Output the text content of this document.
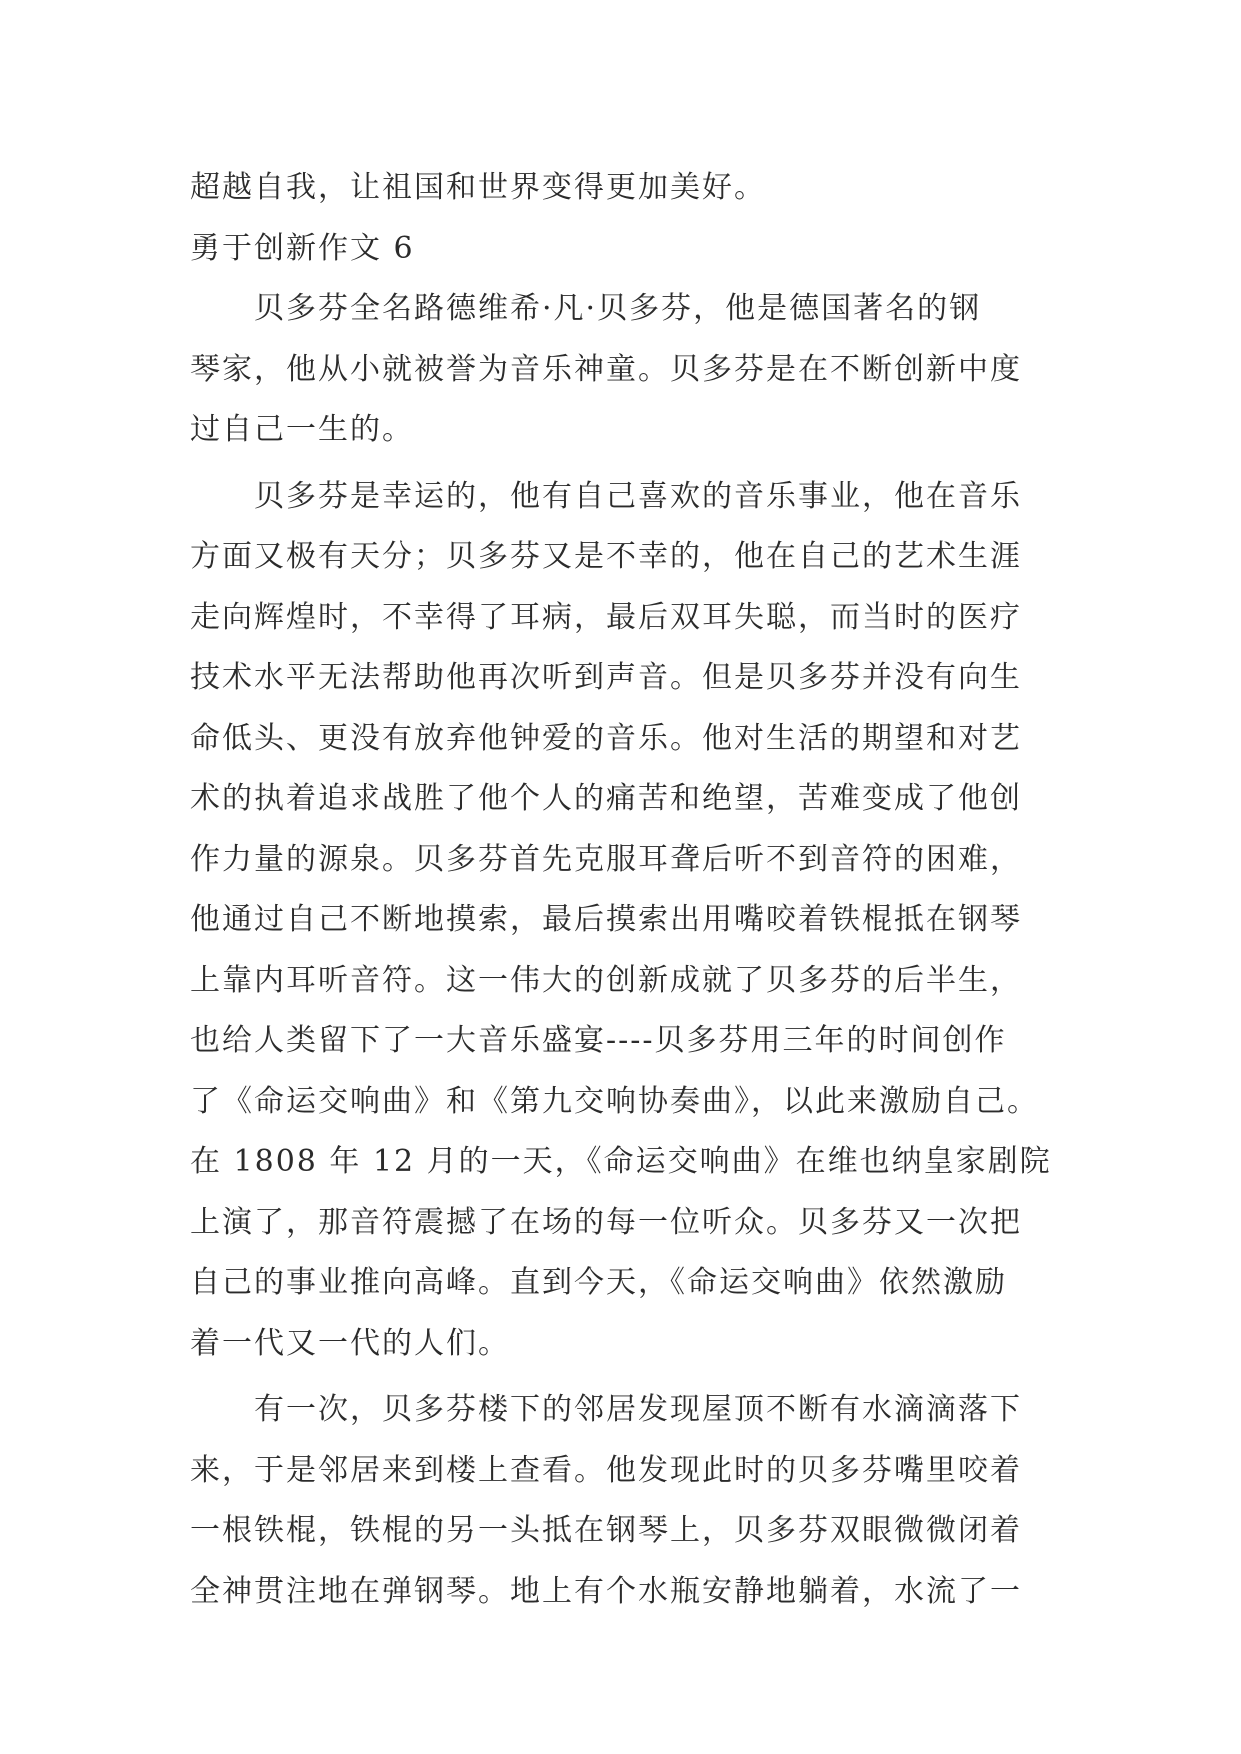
超越自我，让祖国和世界变得更加美好。
勇于创新作文 6
贝多芬全名路德维希·凡·贝多芬，他是德国著名的钢
琴家，他从小就被誉为音乐神童。贝多芬是在不断创新中度
过自己一生的。
贝多芬是幸运的，他有自己喜欢的音乐事业，他在音乐
方面又极有天分；贝多芬又是不幸的，他在自己的艺术生涯
走向辉煌时，不幸得了耳病，最后双耳失聪，而当时的医疗
技术水平无法帮助他再次听到声音。但是贝多芬并没有向生
命低头、更没有放弃他钟爱的音乐。他对生活的期望和对艺
术的执着追求战胜了他个人的痛苦和绝望，苦难变成了他创
作力量的源泉。贝多芬首先克服耳聋后听不到音符的困难，
他通过自己不断地摸索，最后摸索出用嘴咬着铁棍抵在钢琴
上靠内耳听音符。这一伟大的创新成就了贝多芬的后半生，
也给人类留下了一大音乐盛宴----贝多芬用三年的时间创作
了《命运交响曲》和《第九交响协奏曲》，以此来激励自己。
在 1808 年 12 月的一天，《命运交响曲》在维也纳皇家剧院
上演了，那音符震撼了在场的每一位听众。贝多芬又一次把
自己的事业推向高峰。直到今天，《命运交响曲》依然激励
着一代又一代的人们。
有一次，贝多芬楼下的邻居发现屋顶不断有水滴滴落下
来，于是邻居来到楼上查看。他发现此时的贝多芬嘴里咬着
一根铁棍，铁棍的另一头抵在钢琴上，贝多芬双眼微微闭着
全神贯注地在弹钢琴。地上有个水瓶安静地躺着，水流了一
